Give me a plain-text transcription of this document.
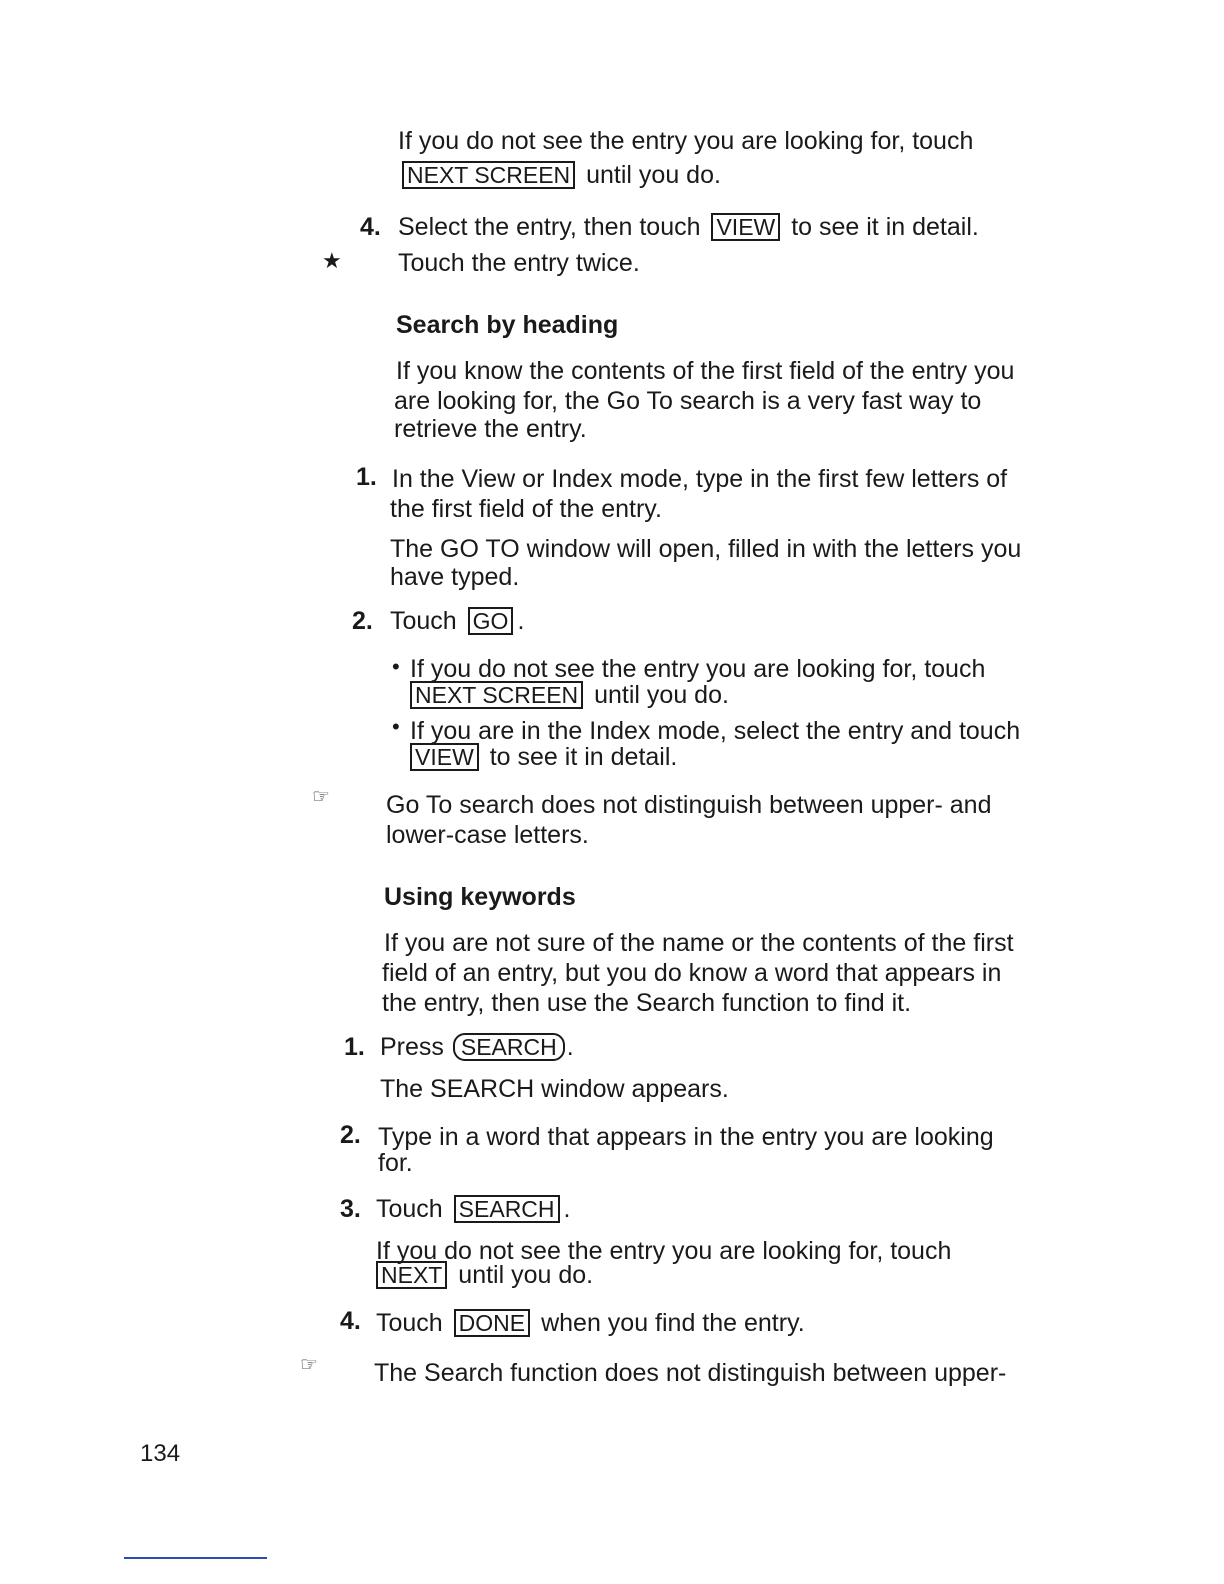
If you do not see the entry you are looking for, touch
NEXT SCREEN until you do.
4. Select the entry, then touch VIEW to see it in detail.
★ Touch the entry twice.
Search by heading
If you know the contents of the first field of the entry you
are looking for, the Go To search is a very fast way to
retrieve the entry.
1. In the View or Index mode, type in the first few letters of
the first field of the entry.
The GO TO window will open, filled in with the letters you
have typed.
2. Touch GO .
• If you do not see the entry you are looking for, touch
NEXT SCREEN until you do.
• If you are in the Index mode, select the entry and touch
VIEW to see it in detail.
☞ Go To search does not distinguish between upper- and
lower-case letters.
Using keywords
If you are not sure of the name or the contents of the first
field of an entry, but you do know a word that appears in
the entry, then use the Search function to find it.
1. Press SEARCH .
The SEARCH window appears.
2. Type in a word that appears in the entry you are looking
for.
3. Touch SEARCH .
If you do not see the entry you are looking for, touch
NEXT until you do.
4. Touch DONE when you find the entry.
☞ The Search function does not distinguish between upper-
134
